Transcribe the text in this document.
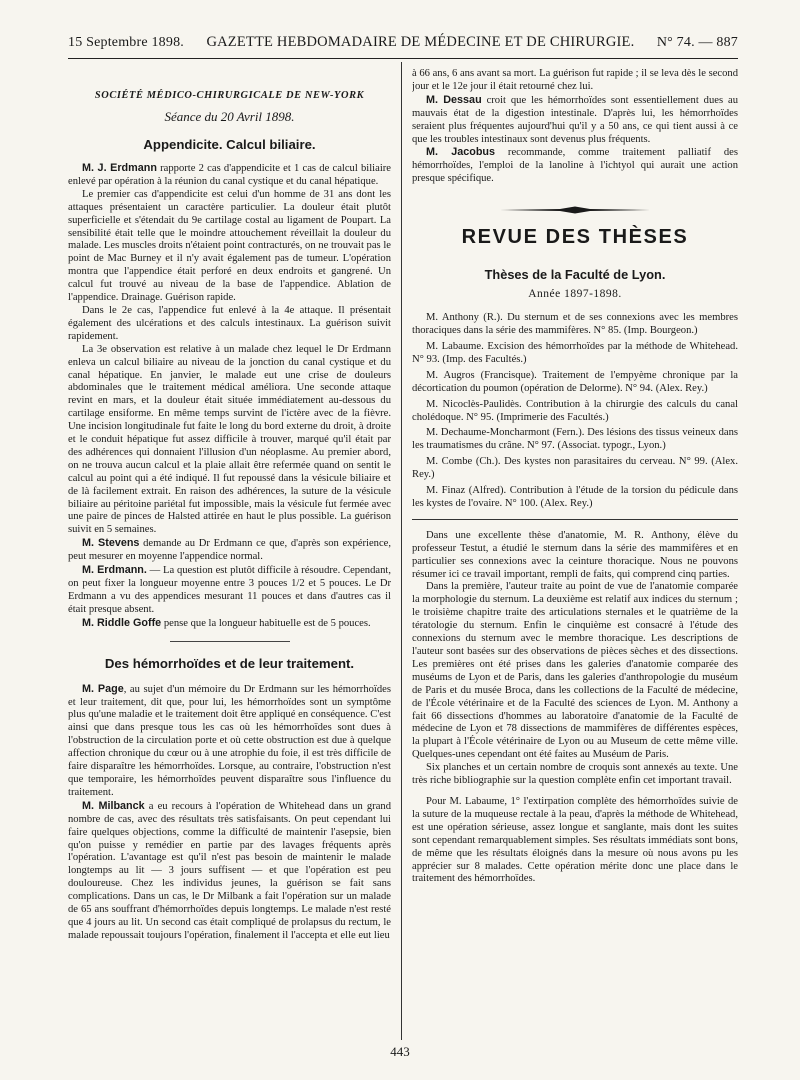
15 Septembre 1898. GAZETTE HEBDOMADAIRE DE MÉDECINE ET DE CHIRURGIE. N° 74. — 887
SOCIÉTÉ MÉDICO-CHIRURGICALE DE NEW-YORK
Séance du 20 Avril 1898.
Appendicite. Calcul biliaire.

M. J. Erdmann rapporte 2 cas d'appendicite et 1 cas de calcul biliaire enlevé par opération à la réunion du canal cystique et du canal hépatique.

Le premier cas d'appendicite est celui d'un homme de 31 ans dont les attaques présentaient un caractère particulier. La douleur était plutôt superficielle et s'étendait du 9e cartilage costal au ligament de Poupart. La sensibilité était telle que le moindre attouchement réveillait la douleur du malade. Les muscles droits n'étaient point contracturés, on ne trouvait pas le point de Mac Burney et il n'y avait également pas de tumeur. L'opération montra que l'appendice était perforé en deux endroits et gangrené. Un calcul fut trouvé au niveau de la base de l'appendice. Ablation de l'appendice. Drainage. Guérison rapide.

Dans le 2e cas, l'appendice fut enlevé à la 4e attaque. Il présentait également des ulcérations et des calculs intestinaux. La guérison suivit rapidement.

La 3e observation est relative à un malade chez lequel le Dr Erdmann enleva un calcul biliaire au niveau de la jonction du canal cystique et du canal hépatique. En janvier, le malade eut une crise de douleurs abdominales que le traitement médical améliora. Une seconde attaque revint en mars, et la douleur était située immédiatement au-dessous du cartilage ensiforme. En même temps survint de l'ictère avec de la fièvre. Une incision longitudinale fut faite le long du bord externe du droit, à droite et le conduit hépatique fut assez difficile à trouver, marqué qu'il était par des adhérences qui donnaient l'illusion d'un néoplasme. Au premier abord, on ne trouva aucun calcul et la plaie allait être refermée quand on sentit le calcul au point qui a été indiqué. Il fut repoussé dans la vésicule biliaire et de là facilement extrait. En raison des adhérences, la suture de la vésicule biliaire au péritoine pariétal fut impossible, mais la vésicule fut fermée avec une paire de pinces de Halsted attirée en haut le plus possible. La guérison suivit en 5 semaines.

M. Stevens demande au Dr Erdmann ce que, d'après son expérience, peut mesurer en moyenne l'appendice normal.

M. Erdmann. — La question est plutôt difficile à résoudre. Cependant, on peut fixer la longueur moyenne entre 3 pouces 1/2 et 5 pouces. Le Dr Erdmann a vu des appendices mesurant 11 pouces et dans d'autres cas il était presque absent.

M. Riddle Goffe pense que la longueur habituelle est de 5 pouces.

Des hémorrhoïdes et de leur traitement.

M. Page, au sujet d'un mémoire du Dr Erdmann sur les hémorrhoïdes et leur traitement, dit que, pour lui, les hémorrhoïdes sont un symptôme plus qu'une maladie et le traitement doit être appliqué en conséquence. C'est ainsi que dans presque tous les cas où les hémorrhoïdes sont dues à l'obstruction de la circulation porte et où cette obstruction est due à quelque affection chronique du cœur ou à une atrophie du foie, il est très difficile de faire disparaître les hémorrhoïdes. Lorsque, au contraire, l'obstruction n'est que temporaire, les hémorrhoïdes peuvent disparaître sous l'influence du traitement.

M. Milbanck a eu recours à l'opération de Whitehead dans un grand nombre de cas, avec des résultats très satisfaisants. On peut cependant lui faire quelques objections, comme la difficulté de maintenir l'asepsie, bien qu'on puisse y remédier en partie par des lavages fréquents après l'opération. L'avantage est qu'il n'est pas besoin de maintenir le malade longtemps au lit — 3 jours suffisent — et que l'opération est peu douloureuse. Chez les individus jeunes, la guérison se fait sans complications. Dans un cas, le Dr Milbank a fait l'opération sur un malade de 65 ans souffrant d'hémorrhoïdes depuis longtemps. Le malade n'est resté que 4 jours au lit. Un second cas était compliqué de prolapsus du rectum, le malade repoussait toujours l'opération, finalement il l'accepta et elle eut lieu

à 66 ans, 6 ans avant sa mort. La guérison fut rapide ; il se leva dès le second jour et le 12e jour il était retourné chez lui.

M. Dessau croit que les hémorrhoïdes sont essentiellement dues au mauvais état de la digestion intestinale. D'après lui, les hémorrhoïdes seraient plus fréquentes aujourd'hui qu'il y a 50 ans, ce qui tient aussi à ce que les troubles intestinaux sont devenus plus fréquents.

M. Jacobus recommande, comme traitement palliatif des hémorrhoïdes, l'emploi de la lanoline à l'ichtyol qui aurait une action presque spécifique.

REVUE DES THÈSES
Thèses de la Faculté de Lyon.
Année 1897-1898.

M. Anthony (R.). Du sternum et de ses connexions avec les membres thoraciques dans la série des mammifères. N° 85. (Imp. Bourgeon.)

M. Labaume. Excision des hémorrhoïdes par la méthode de Whitehead. N° 93. (Imp. des Facultés.)

M. Augros (Francisque). Traitement de l'empyème chronique par la décortication du poumon (opération de Delorme). N° 94. (Alex. Rey.)

M. Nicoclès-Paulidès. Contribution à la chirurgie des calculs du canal cholédoque. N° 95. (Imprimerie des Facultés.)

M. Dechaume-Moncharmont (Fern.). Des lésions des tissus veineux dans les traumatismes du crâne. N° 97. (Associat. typogr., Lyon.)

M. Combe (Ch.). Des kystes non parasitaires du cerveau. N° 99. (Alex. Rey.)

M. Finaz (Alfred). Contribution à l'étude de la torsion du pédicule dans les kystes de l'ovaire. N° 100. (Alex. Rey.)

Dans une excellente thèse d'anatomie, M. R. Anthony, élève du professeur Testut, a étudié le sternum dans la série des mammifères et en particulier ses connexions avec la ceinture thoracique. Nous ne pouvons résumer ici ce travail important, rempli de faits, qui comprend cinq parties.

Dans la première, l'auteur traite au point de vue de l'anatomie comparée la morphologie du sternum. La deuxième est relatif aux indices du sternum ; le troisième chapitre traite des articulations sternales et le quatrième de la tératologie du sternum. Enfin le cinquième est consacré à l'étude des connexions du sternum avec le membre thoracique. Les descriptions de l'auteur sont basées sur des observations de pièces sèches et des dissections. Les premières ont été prises dans les galeries d'anatomie comparée des muséums de Lyon et de Paris, dans les galeries d'anthropologie du muséum de Paris et du musée Broca, dans les collections de la Faculté de médecine, de l'École vétérinaire et de la Faculté des sciences de Lyon. M. Anthony a fait 66 dissections d'hommes au laboratoire d'anatomie de la Faculté de médecine de Lyon et 78 dissections de mammifères de différentes espèces, la plupart à l'École vétérinaire de Lyon ou au Museum de cette même ville. Quelques-unes cependant ont été faites au Muséum de Paris.

Six planches et un certain nombre de croquis sont annexés au texte. Une très riche bibliographie sur la question complète enfin cet important travail.

Pour M. Labaume, 1° l'extirpation complète des hémorrhoïdes suivie de la suture de la muqueuse rectale à la peau, d'après la méthode de Whitehead, est une opération sérieuse, assez longue et sanglante, mais dont les suites sont cependant remarquablement simples. Ses résultats immédiats sont bons, de même que les résultats éloignés dans la mesure où nous avons pu les apprécier sur 8 malades. Cette opération mérite donc une place dans le traitement des hémorrhoïdes.

443
